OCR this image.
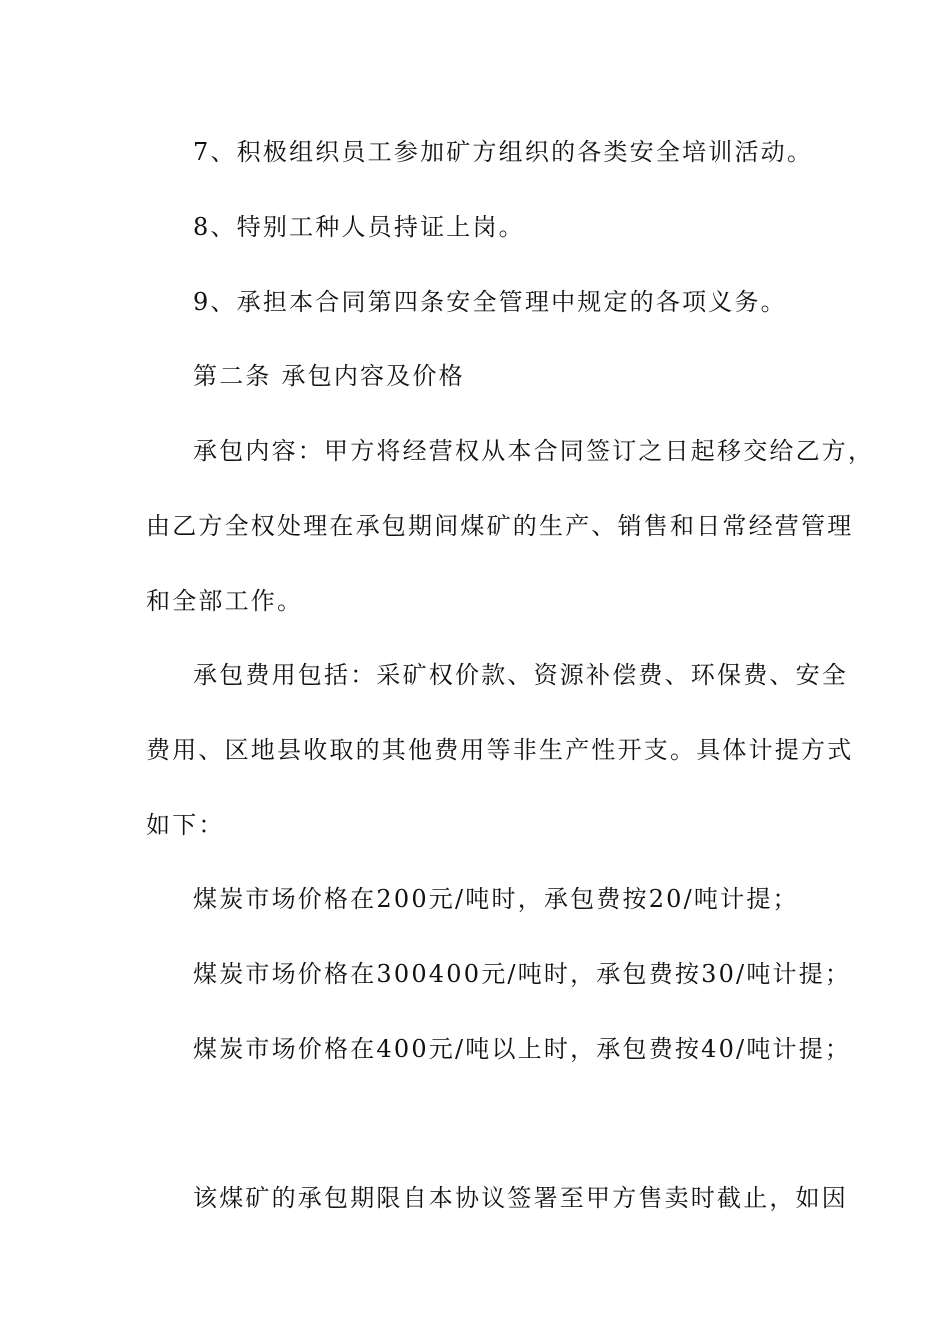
7、积极组织员工参加矿方组织的各类安全培训活动。
8、特别工种人员持证上岗。
9、承担本合同第四条安全管理中规定的各项义务。
第二条 承包内容及价格
承包内容：甲方将经营权从本合同签订之日起移交给乙方，
由乙方全权处理在承包期间煤矿的生产、销售和日常经营管理
和全部工作。
承包费用包括：采矿权价款、资源补偿费、环保费、安全
费用、区地县收取的其他费用等非生产性开支。具体计提方式
如下：
煤炭市场价格在200元/吨时，承包费按20/吨计提；
煤炭市场价格在300400元/吨时，承包费按30/吨计提；
煤炭市场价格在400元/吨以上时，承包费按40/吨计提；
该煤矿的承包期限自本协议签署至甲方售卖时截止，如因
